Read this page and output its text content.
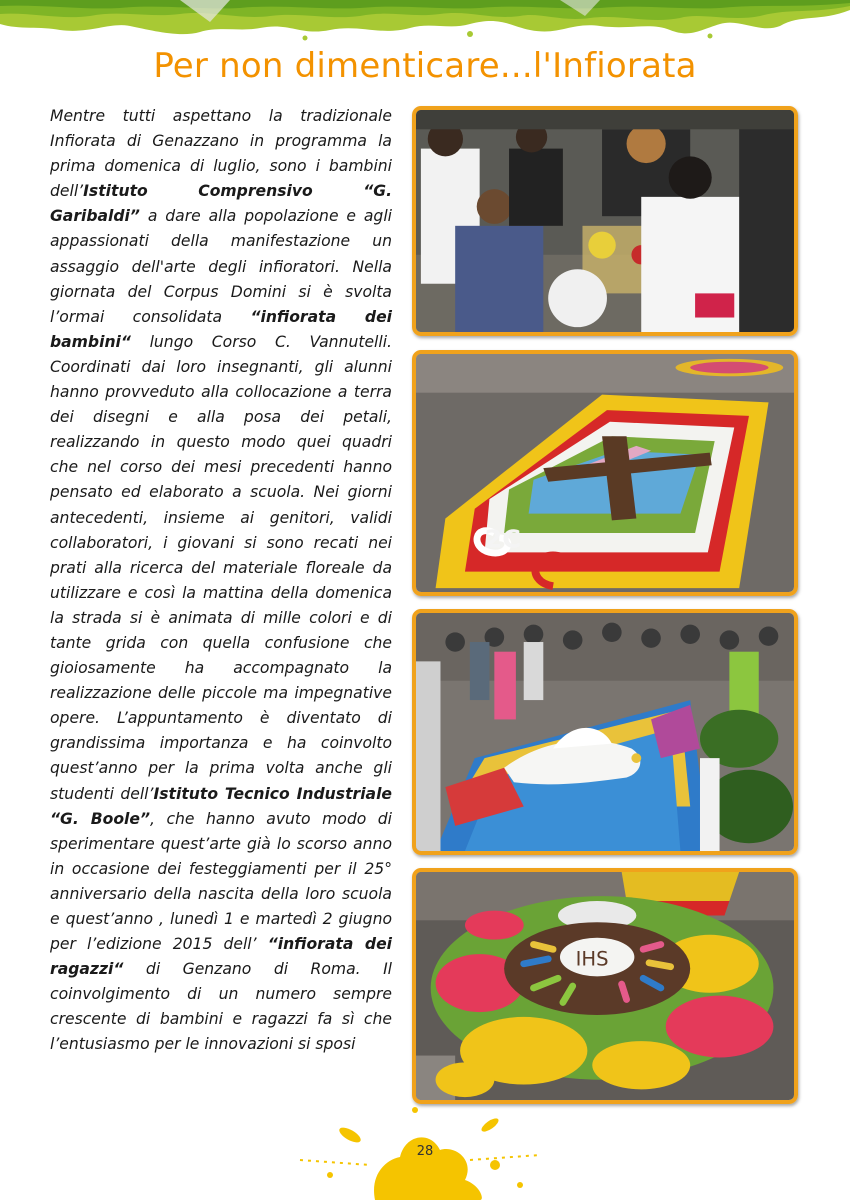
Per non dimenticare...l'Infiorata
Mentre tutti aspettano la tradizionale Infiorata di Genazzano in programma la prima domenica di luglio, sono i bambini dell’Istituto Comprensivo “G. Garibaldi” a dare alla popolazione e agli appassionati della manifestazione un assaggio dell'arte degli infioratori. Nella giornata del Corpus Domini si è svolta l’ormai consolidata “infiorata dei bambini“ lungo Corso C. Vannutelli. Coordinati dai loro insegnanti, gli alunni hanno provveduto alla collocazione a terra dei disegni e alla posa dei petali, realizzando in questo modo quei quadri che nel corso dei mesi precedenti hanno pensato ed elaborato a scuola. Nei giorni antecedenti, insieme ai genitori, validi collaboratori, i giovani si sono recati nei prati alla ricerca del materiale floreale da utilizzare e così la mattina della domenica la strada si è animata di mille colori e di tante grida con quella confusione che gioiosamente ha accompagnato la realizzazione delle piccole ma impegnative opere. L’appuntamento è diventato di grandissima importanza e ha coinvolto quest’anno per la prima volta anche gli studenti dell’Istituto Tecnico Industriale “G. Boole”, che hanno avuto modo di sperimentare quest’arte già lo scorso anno in occasione dei festeggiamenti per il 25° anniversario della nascita della loro scuola e quest’anno , lunedì 1 e martedì 2 giugno per l’edizione 2015 dell’ “infiorata dei ragazzi“ di Genzano di Roma. Il coinvolgimento di un numero sempre crescente di bambini e ragazzi fa sì che l’entusiasmo per le innovazioni si sposi
2C
IHS
28
